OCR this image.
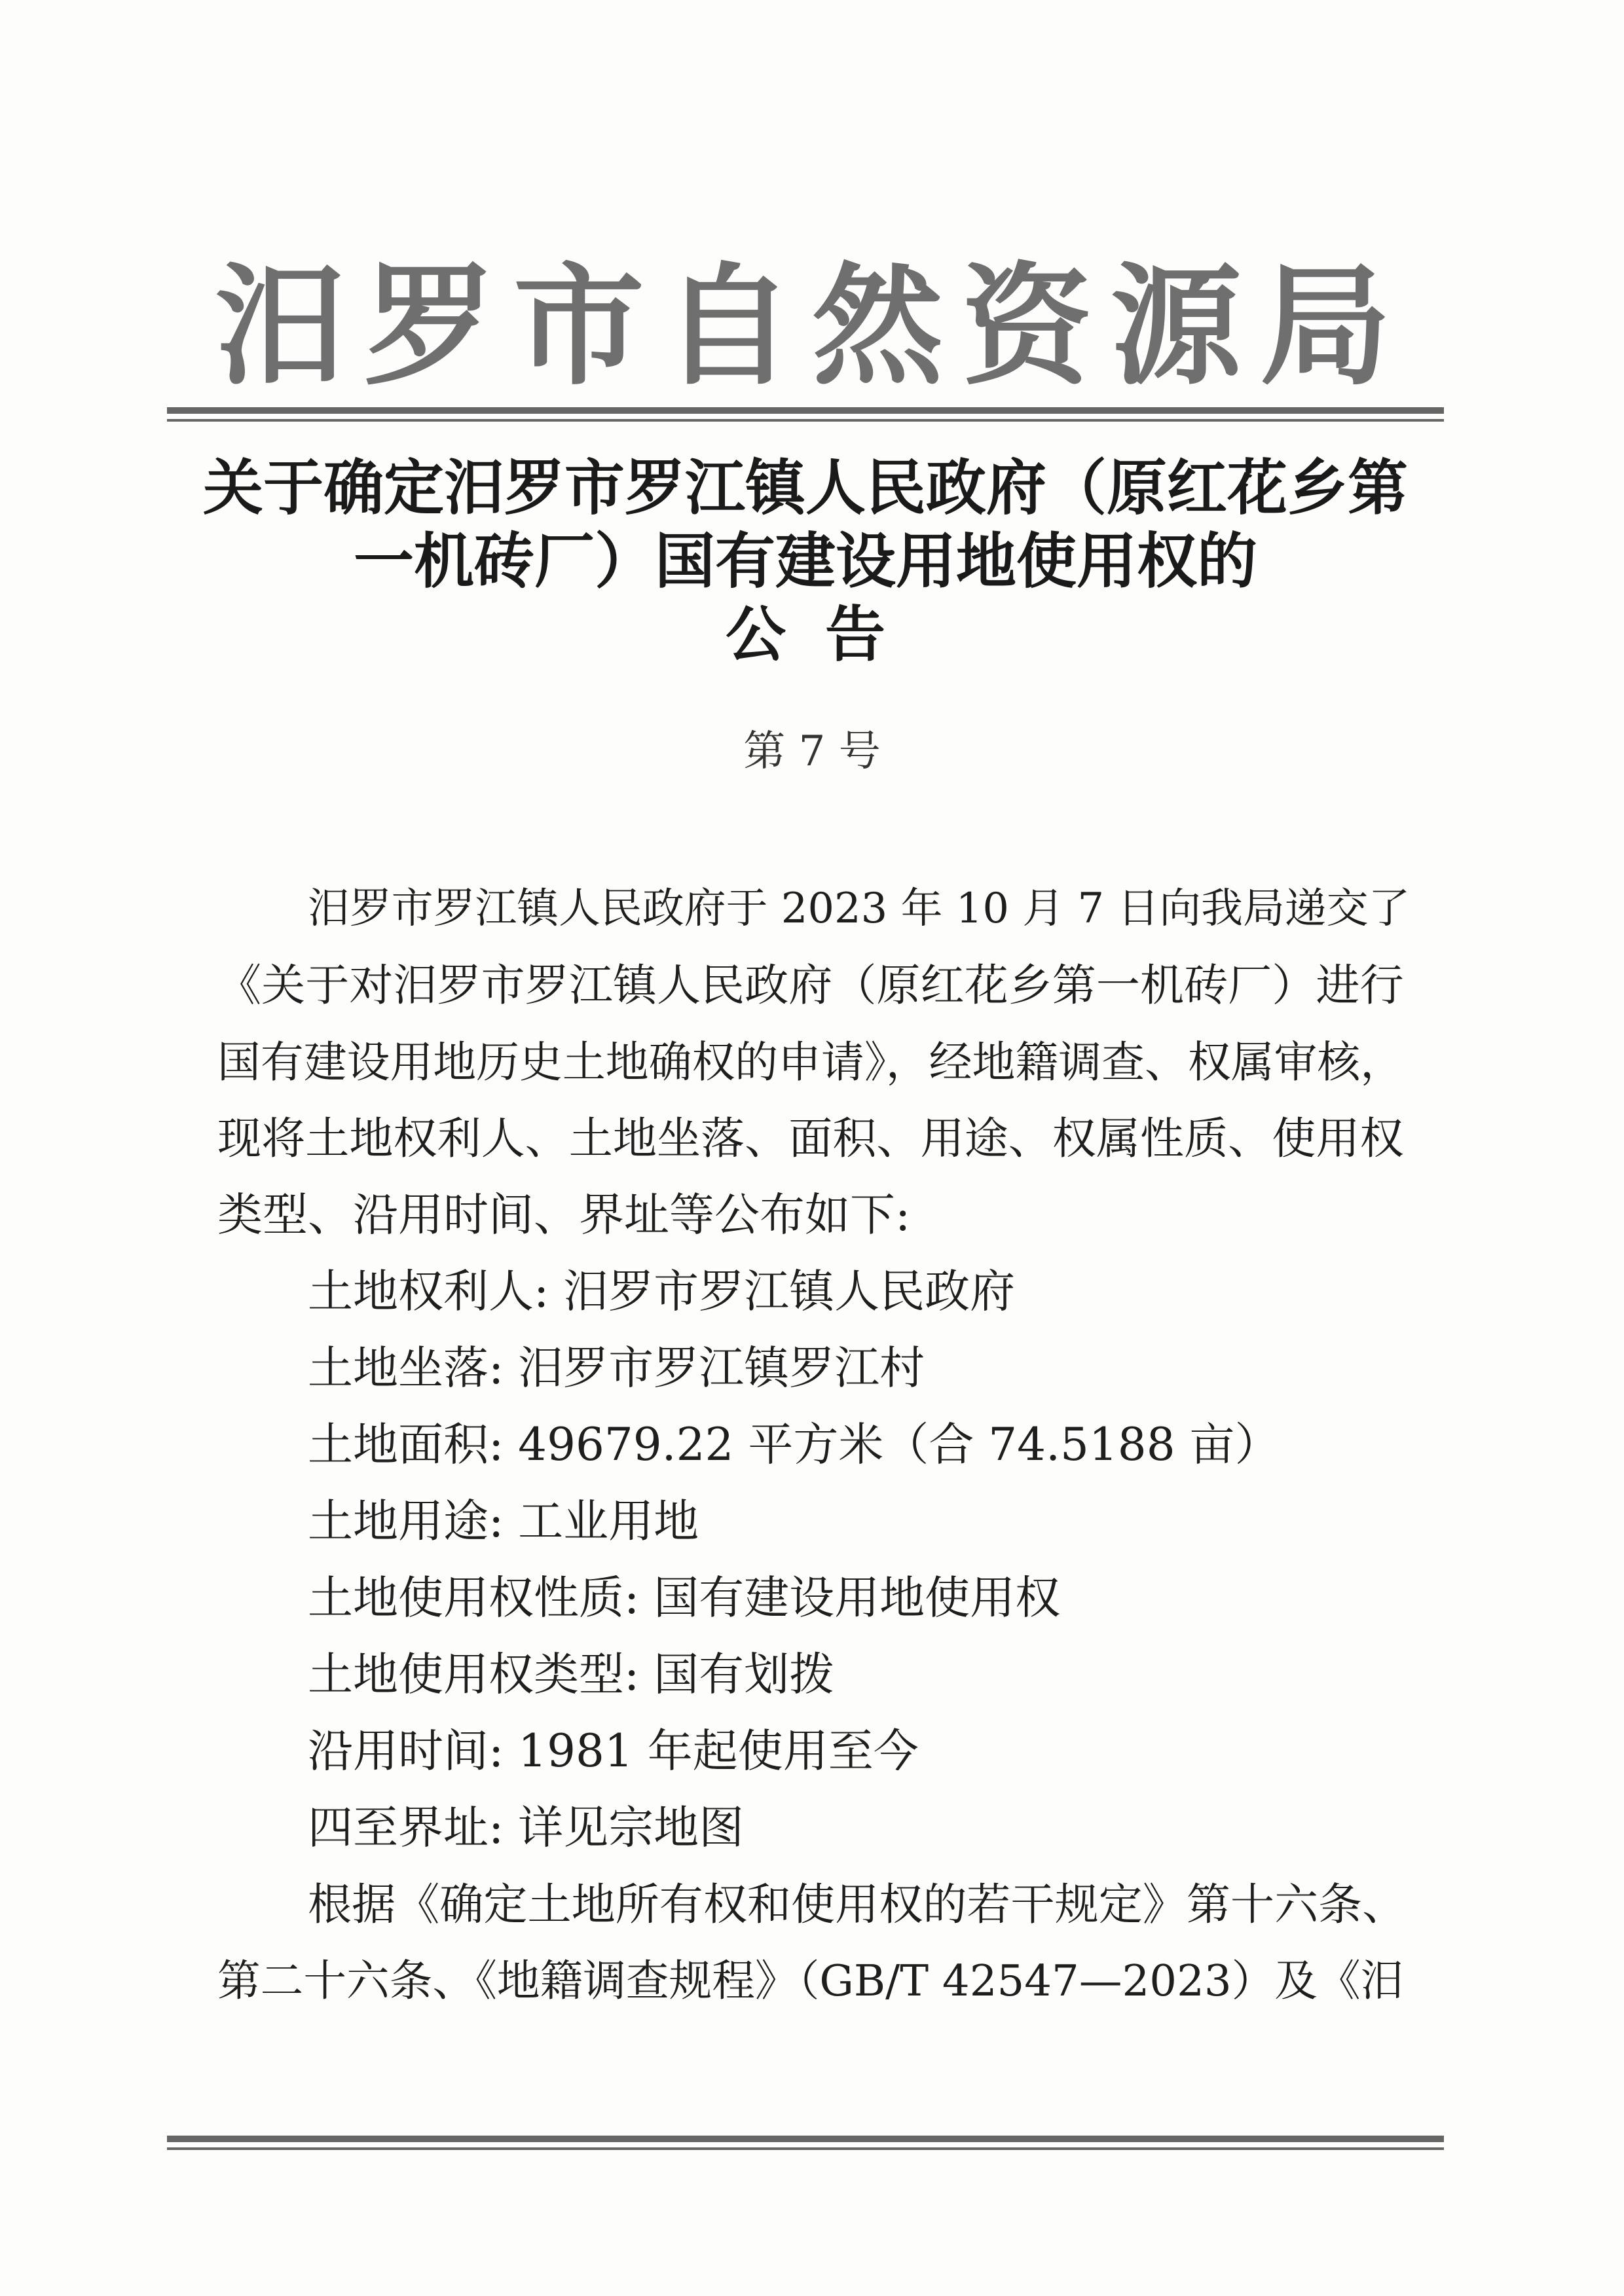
汨罗市自然资源局
关于确定汨罗市罗江镇人民政府（原红花乡第
一机砖厂）国有建设用地使用权的
公告
第 7 号
汨罗市罗江镇人民政府于 2023 年 10 月 7 日向我局递交了
《关于对汨罗市罗江镇人民政府（原红花乡第一机砖厂）进行
国有建设用地历史土地确权的申请》，经地籍调查、权属审核，
现将土地权利人、土地坐落、面积、用途、权属性质、使用权
类型、沿用时间、界址等公布如下:
土地权利人: 汨罗市罗江镇人民政府
土地坐落: 汨罗市罗江镇罗江村
土地面积: 49679.22 平方米（合 74.5188 亩）
土地用途: 工业用地
土地使用权性质: 国有建设用地使用权
土地使用权类型: 国有划拨
沿用时间: 1981 年起使用至今
四至界址: 详见宗地图
根据《确定土地所有权和使用权的若干规定》第十六条、
第二十六条、《地籍调查规程》（GB/T 42547—2023）及《汨
